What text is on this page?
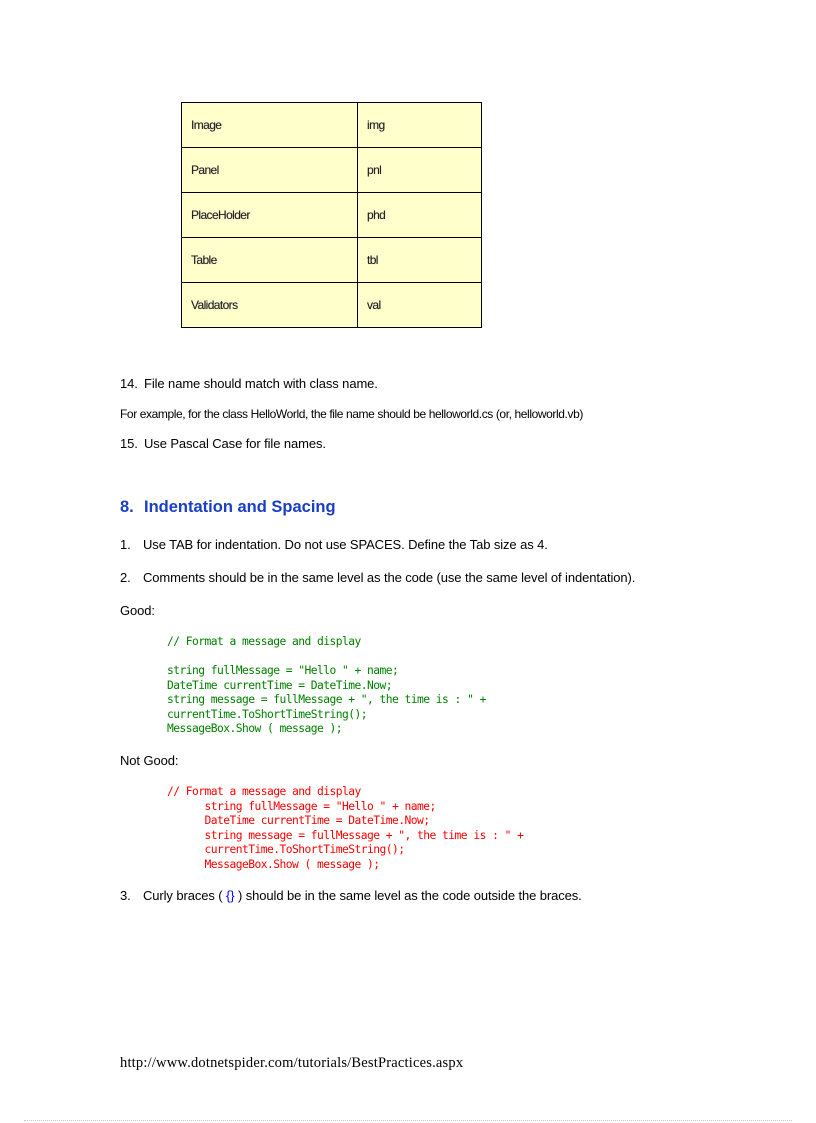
Image	img
Panel	pnl
PlaceHolder	phd
Table	tbl
Validators	val
14. File name should match with class name.
For example, for the class HelloWorld, the file name should be helloworld.cs (or, helloworld.vb)
15. Use Pascal Case for file names.
8. Indentation and Spacing
1. Use TAB for indentation. Do not use SPACES. Define the Tab size as 4.
2. Comments should be in the same level as the code (use the same level of indentation).
Good:
// Format a message and display

string fullMessage = "Hello " + name;
DateTime currentTime = DateTime.Now;
string message = fullMessage + ", the time is : " +
currentTime.ToShortTimeString();
MessageBox.Show ( message );
Not Good:
// Format a message and display
string fullMessage = "Hello " + name;
DateTime currentTime = DateTime.Now;
string message = fullMessage + ", the time is : " +
currentTime.ToShortTimeString();
MessageBox.Show ( message );
3. Curly braces ( {} ) should be in the same level as the code outside the braces.
http://www.dotnetspider.com/tutorials/BestPractices.aspx
